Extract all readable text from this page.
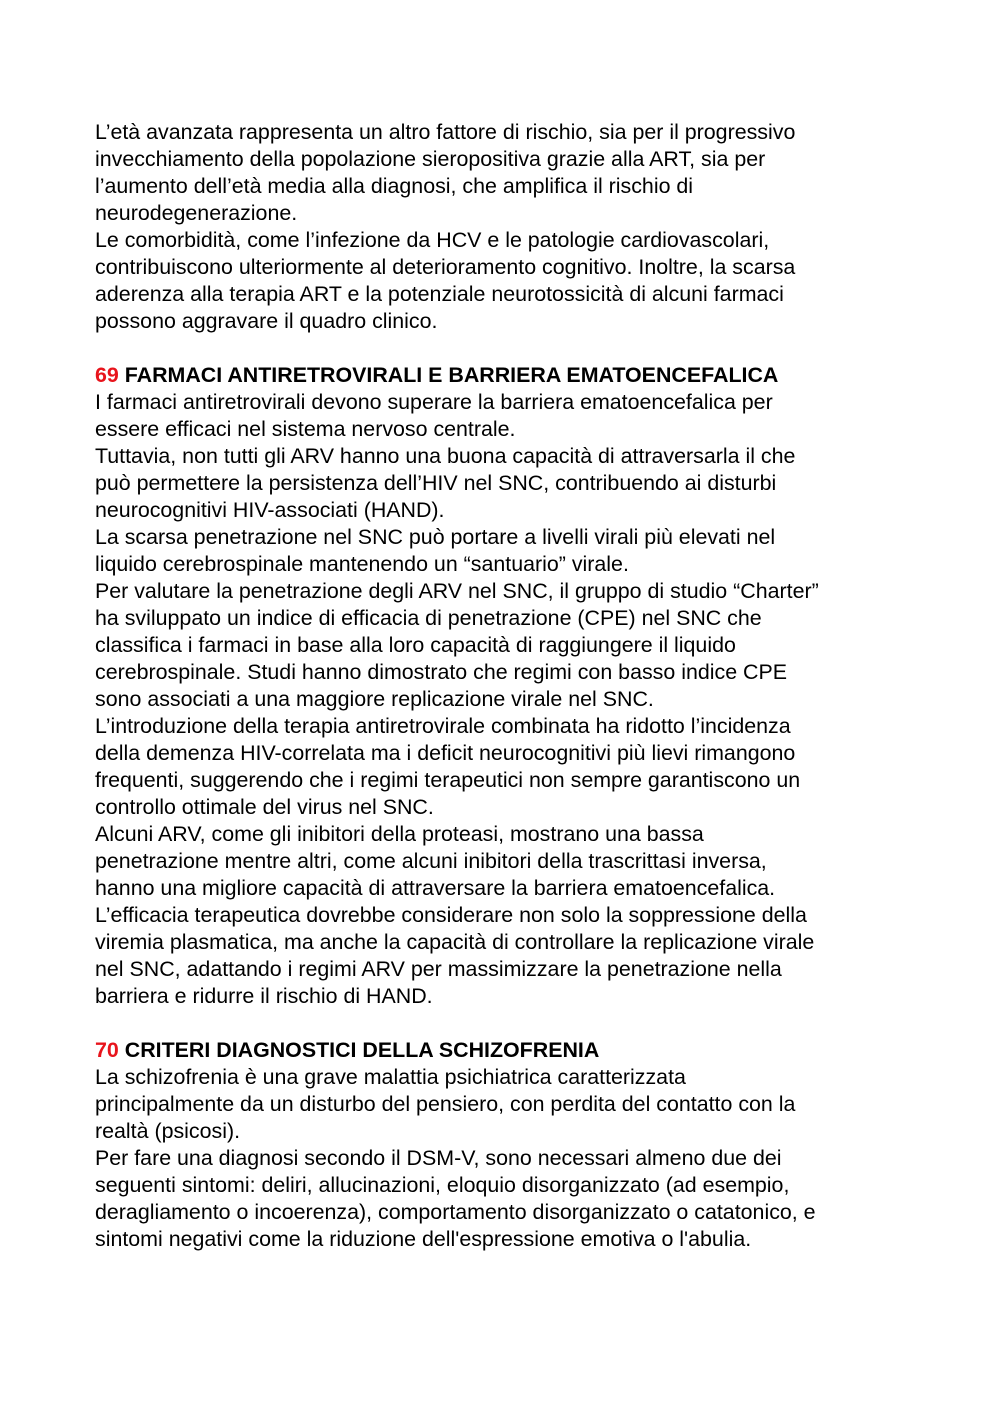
L’età avanzata rappresenta un altro fattore di rischio, sia per il progressivo
invecchiamento della popolazione sieropositiva grazie alla ART, sia per
l’aumento dell’età media alla diagnosi, che amplifica il rischio di
neurodegenerazione.
Le comorbidità, come l’infezione da HCV e le patologie cardiovascolari,
contribuiscono ulteriormente al deterioramento cognitivo. Inoltre, la scarsa
aderenza alla terapia ART e la potenziale neurotossicità di alcuni farmaci
possono aggravare il quadro clinico.
69 FARMACI ANTIRETROVIRALI E BARRIERA EMATOENCEFALICA
I farmaci antiretrovirali devono superare la barriera ematoencefalica per
essere efficaci nel sistema nervoso centrale.
Tuttavia, non tutti gli ARV hanno una buona capacità di attraversarla il che
può permettere la persistenza dell’HIV nel SNC, contribuendo ai disturbi
neurocognitivi HIV-associati (HAND).
La scarsa penetrazione nel SNC può portare a livelli virali più elevati nel
liquido cerebrospinale mantenendo un “santuario” virale.
Per valutare la penetrazione degli ARV nel SNC, il gruppo di studio “Charter”
ha sviluppato un indice di efficacia di penetrazione (CPE) nel SNC che
classifica i farmaci in base alla loro capacità di raggiungere il liquido
cerebrospinale. Studi hanno dimostrato che regimi con basso indice CPE
sono associati a una maggiore replicazione virale nel SNC.
L’introduzione della terapia antiretrovirale combinata ha ridotto l’incidenza
della demenza HIV-correlata ma i deficit neurocognitivi più lievi rimangono
frequenti, suggerendo che i regimi terapeutici non sempre garantiscono un
controllo ottimale del virus nel SNC.
Alcuni ARV, come gli inibitori della proteasi, mostrano una bassa
penetrazione mentre altri, come alcuni inibitori della trascrittasi inversa,
hanno una migliore capacità di attraversare la barriera ematoencefalica.
L’efficacia terapeutica dovrebbe considerare non solo la soppressione della
viremia plasmatica, ma anche la capacità di controllare la replicazione virale
nel SNC, adattando i regimi ARV per massimizzare la penetrazione nella
barriera e ridurre il rischio di HAND.
70 CRITERI DIAGNOSTICI DELLA SCHIZOFRENIA
La schizofrenia è una grave malattia psichiatrica caratterizzata
principalmente da un disturbo del pensiero, con perdita del contatto con la
realtà (psicosi).
Per fare una diagnosi secondo il DSM-V, sono necessari almeno due dei
seguenti sintomi: deliri, allucinazioni, eloquio disorganizzato (ad esempio,
deragliamento o incoerenza), comportamento disorganizzato o catatonico, e
sintomi negativi come la riduzione dell'espressione emotiva o l'abulia.
